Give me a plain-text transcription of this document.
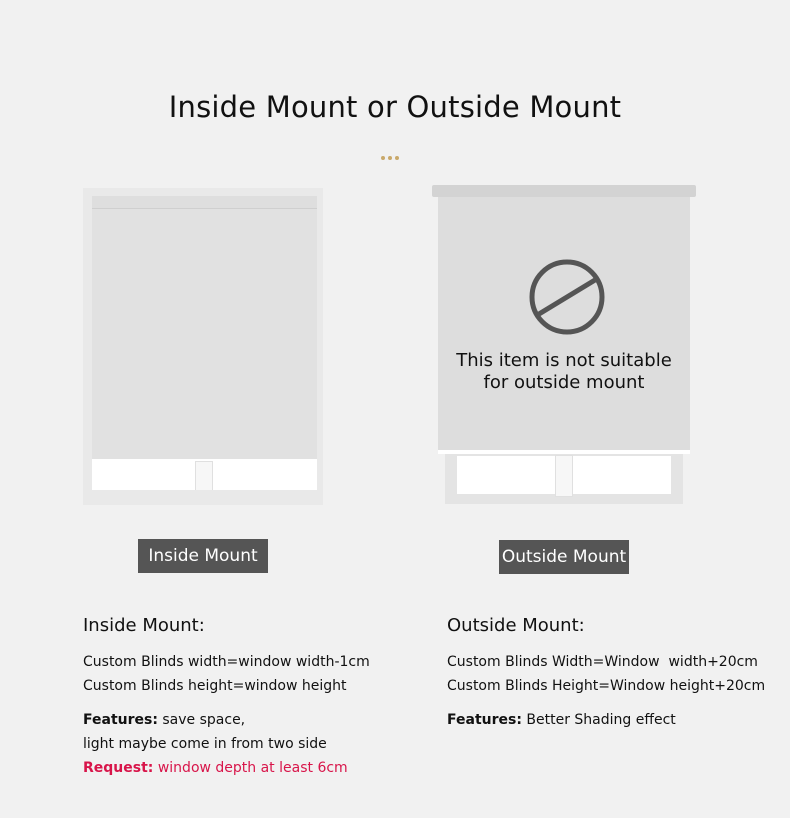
Inside Mount or Outside Mount
This item is not suitable
for outside mount
Inside Mount	Outside Mount
Inside Mount:

Custom Blinds width=window width-1cm

Custom Blinds height=window height

Features: save space,

light maybe come in from two side

Request: window depth at least 6cm

Outside Mount:

Custom Blinds Width=Window  width+20cm

Custom Blinds Height=Window height+20cm

Features: Better Shading effect
